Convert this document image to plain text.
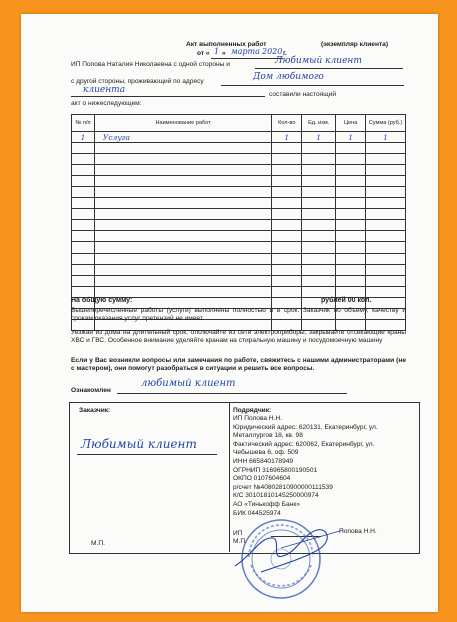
Акт выполненных работ	(экземпляр клиента)
от « 1 » марта 2020 г.
ИП Попова Наталия Николаевна с одной стороны и	Любимый клиент
с другой стороны, проживающий по адресу	Дом любимого
клиента	составили настоящий
акт о нижеследующем:
№ п/п	Наименование работ	Кол-во	Ед. изм.	Цена	Сумма (руб.)
1	Услуга	1	1	1	1

На общую сумму:	рублей 00 коп.
Вышеперечисленные работы (услуги) выполнены полностью и в срок. Заказчик по объему, качеству и срокам оказания услуг претензий не имеет.
Уезжая из дома на длительный срок, отключайте из сети электроприборы, закрывайте отсекающие краны ХВС и ГВС. Особенное внимание уделяйте кранам на стиральную машину и посудомоечную машину
Если у Вас возникли вопросы или замечания по работе, свяжитесь с нашими администраторами (не с мастером), они помогут разобраться в ситуации и решить все вопросы.
Ознакомлен
любимый клиент
Заказчик:
Любимый клиент
М.П.
Подрядчик:
ИП Попова Н.Н.
Юридический адрес: 620131, Екатеринбург, ул.
Металлургов 18, кв. 98
Фактический адрес: 620062, Екатеринбург, ул.
Чебышева 6, оф. 509
ИНН 665840178949
ОГРНИП 316965800190501
ОКПО 0107604604
р/счет №40802810900000111539
К/С 30101810145250000974
АО «Тинькофф Банк»
БИК 044525974
ИП
М.П.
Попова Н.Н.
